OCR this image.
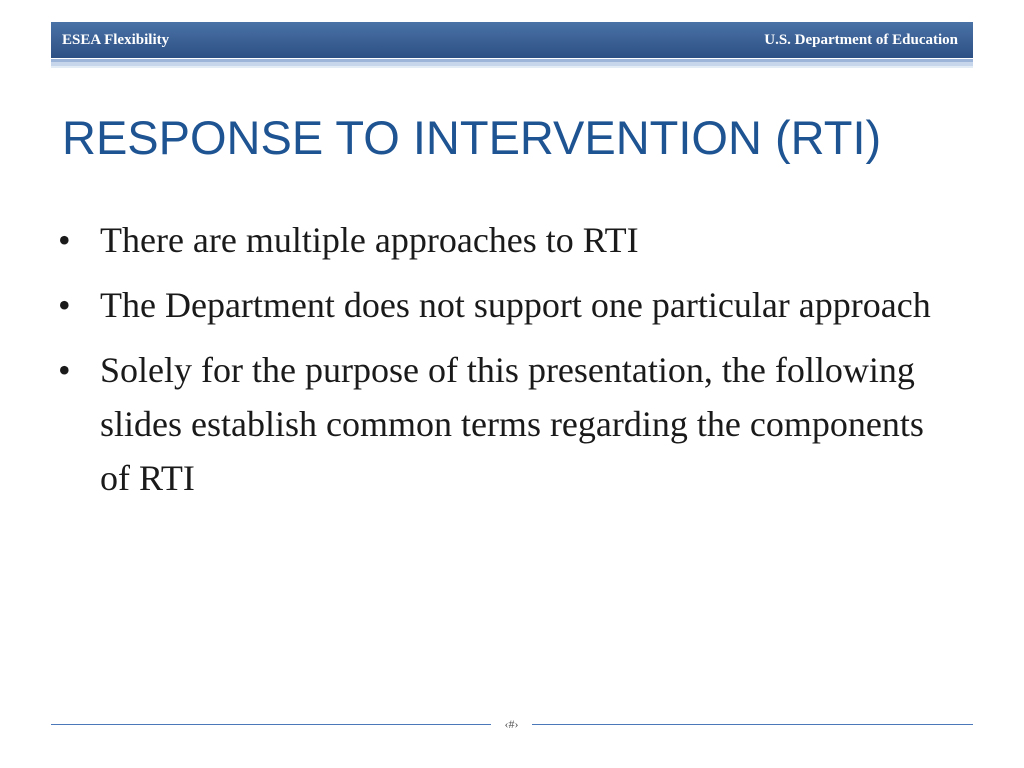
ESEA Flexibility	U.S. Department of Education
RESPONSE TO INTERVENTION (RTI)
• There are multiple approaches to RTI
• The Department does not support one particular approach
• Solely for the purpose of this presentation, the following slides establish common terms regarding the components of RTI
‹#›
